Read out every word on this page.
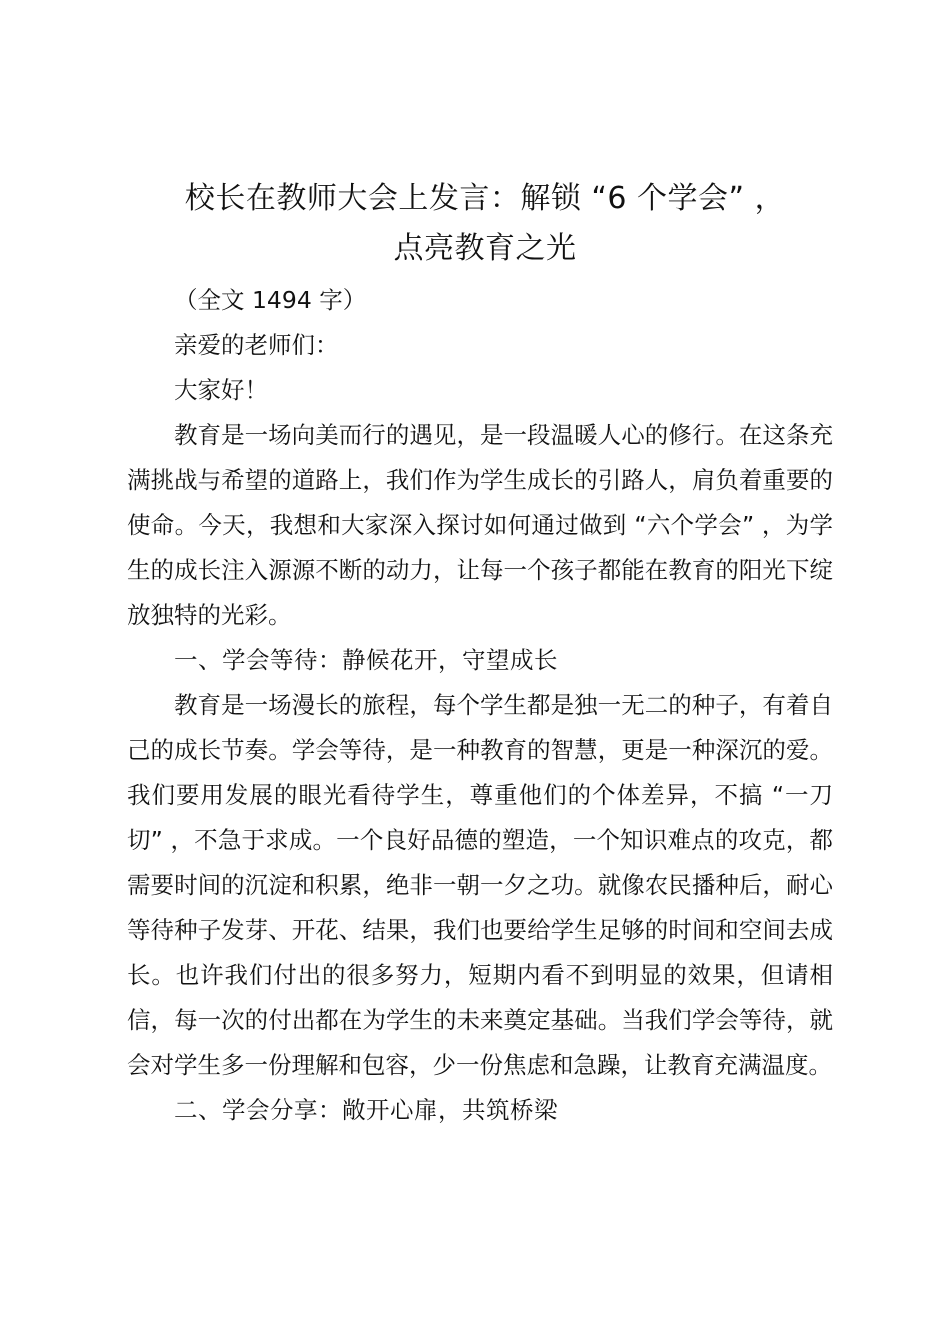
校长在教师大会上发言：解锁 “6 个学会” ，
点亮教育之光

（全文 1494 字）

亲爱的老师们：

大家好！

教育是一场向美而行的遇见，是一段温暖人心的修行。在这条充满挑战与希望的道路上，我们作为学生成长的引路人，肩负着重要的使命。今天，我想和大家深入探讨如何通过做到 “六个学会” ，为学生的成长注入源源不断的动力，让每一个孩子都能在教育的阳光下绽放独特的光彩。

一、学会等待：静候花开，守望成长

教育是一场漫长的旅程，每个学生都是独一无二的种子，有着自己的成长节奏。学会等待，是一种教育的智慧，更是一种深沉的爱。我们要用发展的眼光看待学生，尊重他们的个体差异，不搞 “一刀切” ，不急于求成。一个良好品德的塑造，一个知识难点的攻克，都需要时间的沉淀和积累，绝非一朝一夕之功。就像农民播种后，耐心等待种子发芽、开花、结果，我们也要给学生足够的时间和空间去成长。也许我们付出的很多努力，短期内看不到明显的效果，但请相信，每一次的付出都在为学生的未来奠定基础。当我们学会等待，就会对学生多一份理解和包容，少一份焦虑和急躁，让教育充满温度。

二、学会分享：敞开心扉，共筑桥梁
